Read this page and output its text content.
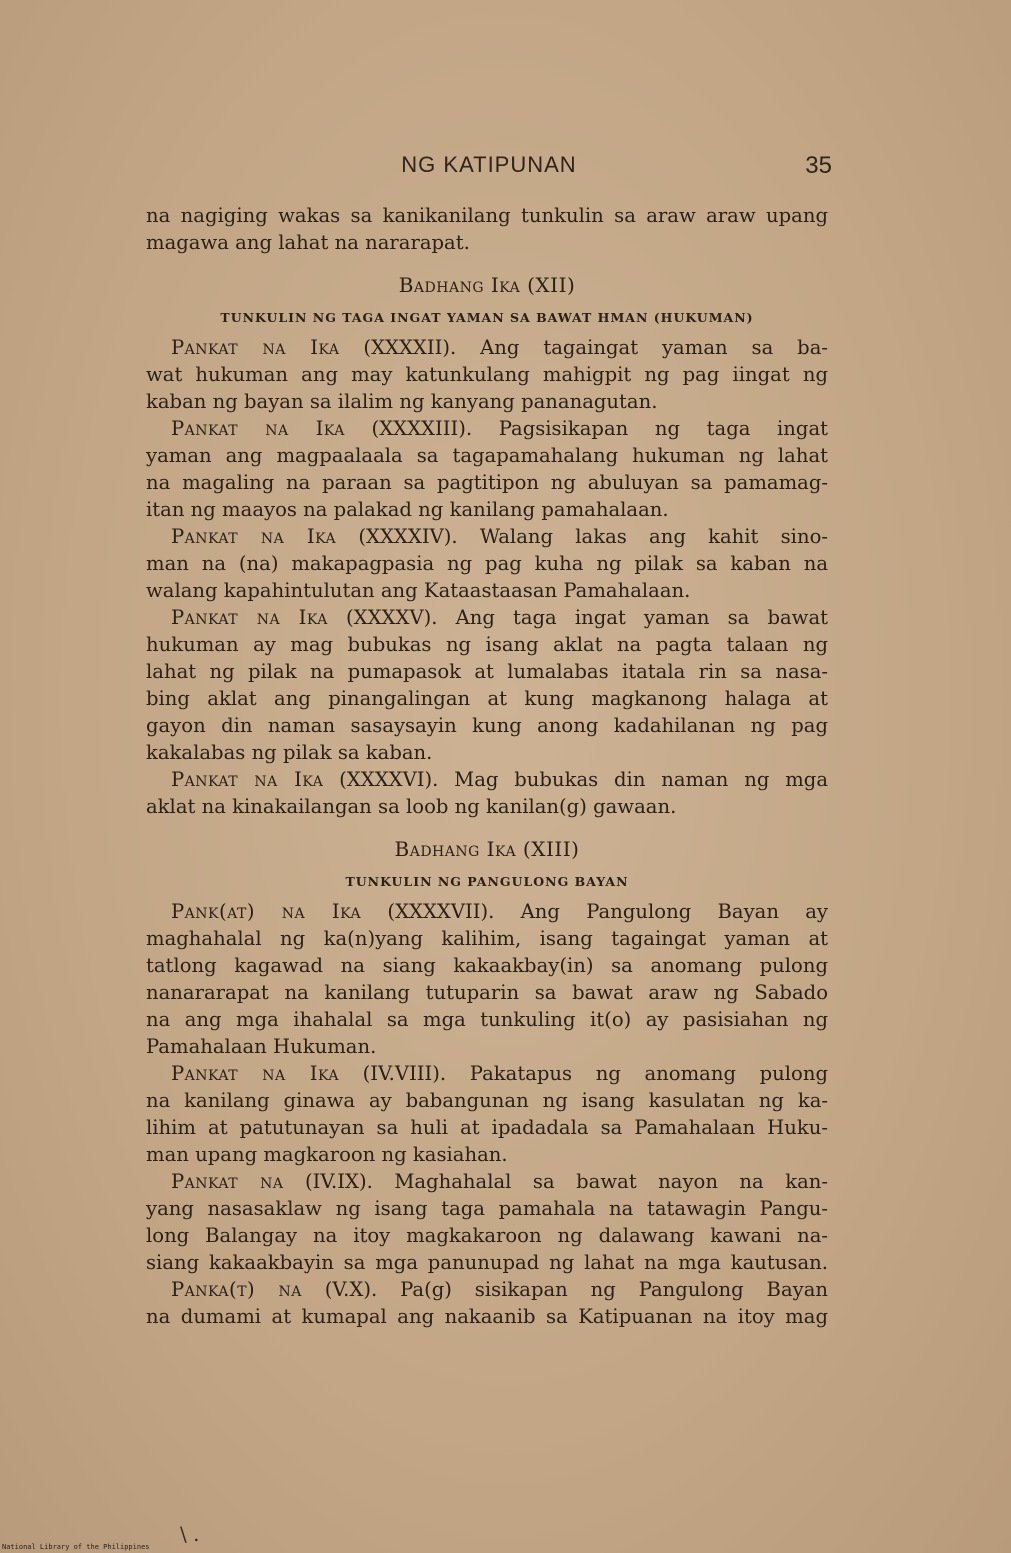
NG KATIPUNAN	35
na nagiging wakas sa kanikanilang tunkulin sa araw araw upang
magawa ang lahat na nararapat.
Badhang Ika (XII)
TUNKULIN NG TAGA INGAT YAMAN SA BAWAT HMAN (HUKUMAN)
Pankat na Ika (XXXXII). Ang tagaingat yaman sa ba-
wat hukuman ang may katunkulang mahigpit ng pag iingat ng
kaban ng bayan sa ilalim ng kanyang pananagutan.
Pankat na Ika (XXXXIII). Pagsisikapan ng taga ingat
yaman ang magpaalaala sa tagapamahalang hukuman ng lahat
na magaling na paraan sa pagtitipon ng abuluyan sa pamamag-
itan ng maayos na palakad ng kanilang pamahalaan.
Pankat na Ika (XXXXIV). Walang lakas ang kahit sino-
man na (na) makapagpasia ng pag kuha ng pilak sa kaban na
walang kapahintulutan ang Kataastaasan Pamahalaan.
Pankat na Ika (XXXXV). Ang taga ingat yaman sa bawat
hukuman ay mag bubukas ng isang aklat na pagta talaan ng
lahat ng pilak na pumapasok at lumalabas itatala rin sa nasa-
bing aklat ang pinangalingan at kung magkanong halaga at
gayon din naman sasaysayin kung anong kadahilanan ng pag
kakalabas ng pilak sa kaban.
Pankat na Ika (XXXXVI). Mag bubukas din naman ng mga
aklat na kinakailangan sa loob ng kanilan(g) gawaan.
Badhang Ika (XIII)
TUNKULIN NG PANGULONG BAYAN
Pank(at) na Ika (XXXXVII). Ang Pangulong Bayan ay
maghahalal ng ka(n)yang kalihim, isang tagaingat yaman at
tatlong kagawad na siang kakaakbay(in) sa anomang pulong
nanararapat na kanilang tutuparin sa bawat araw ng Sabado
na ang mga ihahalal sa mga tunkuling it(o) ay pasisiahan ng
Pamahalaan Hukuman.
Pankat na Ika (IV.VIII). Pakatapus ng anomang pulong
na kanilang ginawa ay babangunan ng isang kasulatan ng ka-
lihim at patutunayan sa huli at ipadadala sa Pamahalaan Huku-
man upang magkaroon ng kasiahan.
Pankat na (IV.IX). Maghahalal sa bawat nayon na kan-
yang nasasaklaw ng isang taga pamahala na tatawagin Pangu-
long Balangay na itoy magkakaroon ng dalawang kawani na-
siang kakaakbayin sa mga panunupad ng lahat na mga kautusan.
Panka(t) na (V.X). Pa(g) sisikapan ng Pangulong Bayan
na dumami at kumapal ang nakaanib sa Katipuanan na itoy mag
\ .
National Library of the Philippines
